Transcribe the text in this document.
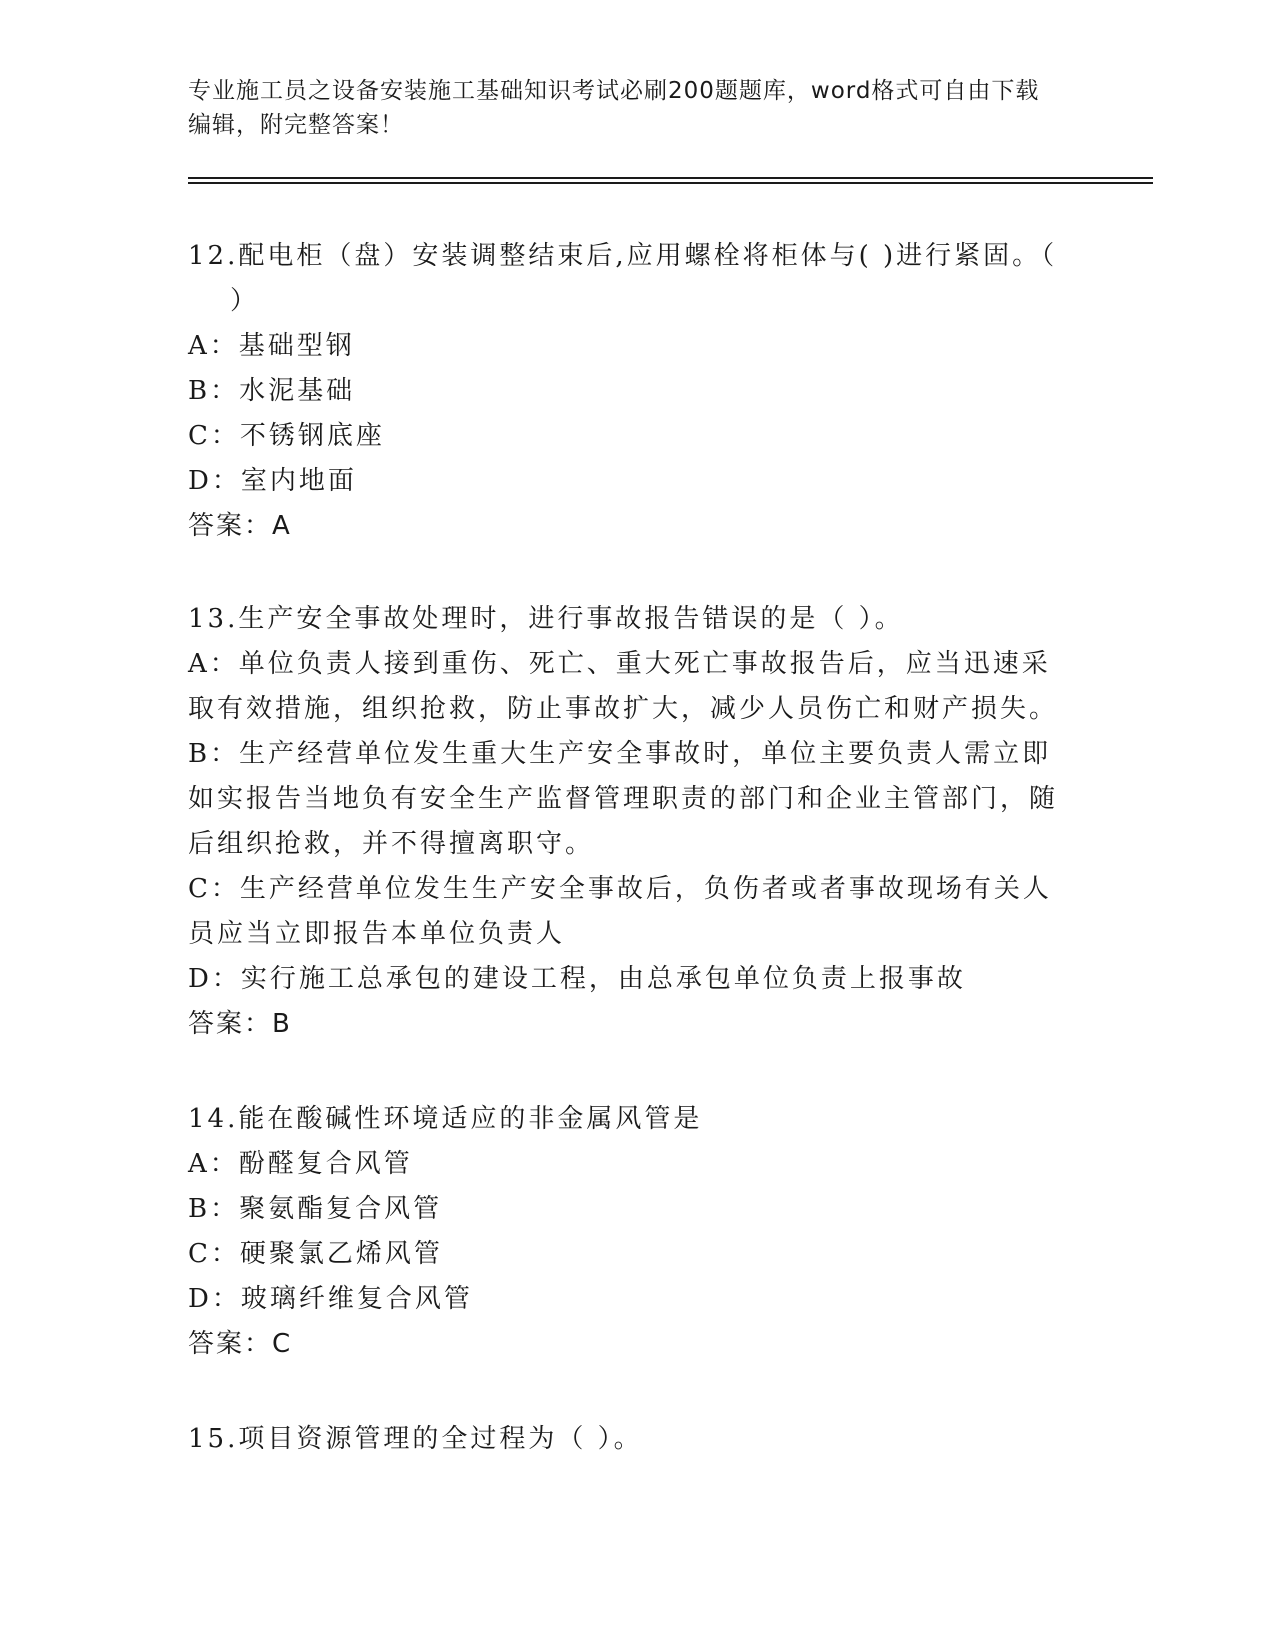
专业施工员之设备安装施工基础知识考试必刷200题题库，word格式可自由下载
编辑，附完整答案！

12.配电柜（盘）安装调整结束后,应用螺栓将柜体与( )进行紧固。（
）

A：基础型钢

B：水泥基础

C：不锈钢底座

D：室内地面

答案：A

13.生产安全事故处理时，进行事故报告错误的是（ ）。

A：单位负责人接到重伤、死亡、重大死亡事故报告后，应当迅速采取有效措施，组织抢救，防止事故扩大，减少人员伤亡和财产损失。

B：生产经营单位发生重大生产安全事故时，单位主要负责人需立即如实报告当地负有安全生产监督管理职责的部门和企业主管部门，随后组织抢救，并不得擅离职守。

C：生产经营单位发生生产安全事故后，负伤者或者事故现场有关人员应当立即报告本单位负责人

D：实行施工总承包的建设工程，由总承包单位负责上报事故

答案：B

14.能在酸碱性环境适应的非金属风管是

A：酚醛复合风管

B：聚氨酯复合风管

C：硬聚氯乙烯风管

D：玻璃纤维复合风管

答案：C

15.项目资源管理的全过程为（ ）。
